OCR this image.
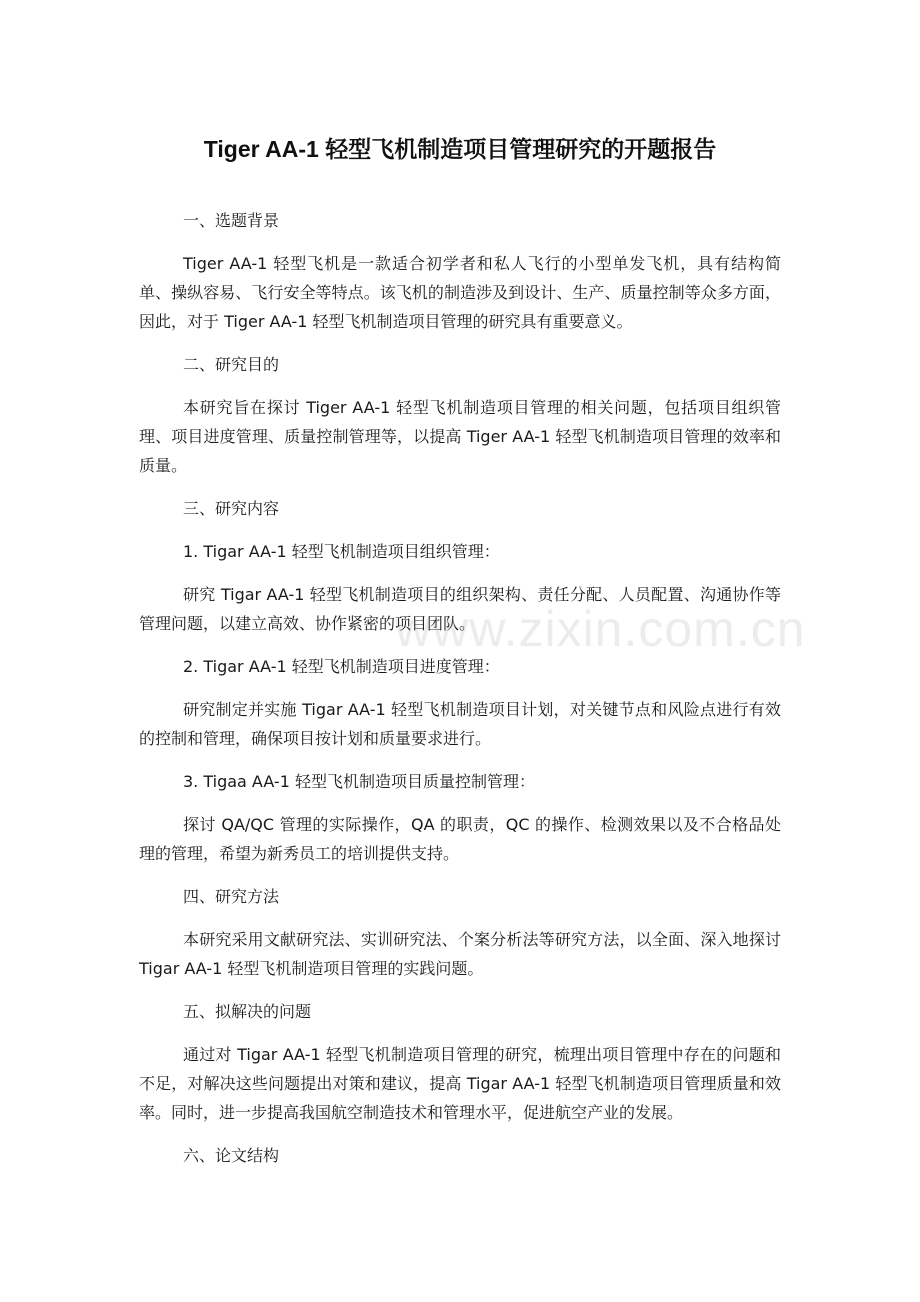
Tiger AA-1 轻型飞机制造项目管理研究的开题报告

一、选题背景

Tiger AA-1 轻型飞机是一款适合初学者和私人飞行的小型单发飞机，具有结构简单、操纵容易、飞行安全等特点。该飞机的制造涉及到设计、生产、质量控制等众多方面，因此，对于 Tiger AA-1 轻型飞机制造项目管理的研究具有重要意义。

二、研究目的

本研究旨在探讨 Tiger AA-1 轻型飞机制造项目管理的相关问题，包括项目组织管理、项目进度管理、质量控制管理等，以提高 Tiger AA-1 轻型飞机制造项目管理的效率和质量。

三、研究内容

1. Tigar AA-1 轻型飞机制造项目组织管理：

研究 Tigar AA-1 轻型飞机制造项目的组织架构、责任分配、人员配置、沟通协作等管理问题，以建立高效、协作紧密的项目团队。

2. Tigar AA-1 轻型飞机制造项目进度管理：

研究制定并实施 Tigar AA-1 轻型飞机制造项目计划，对关键节点和风险点进行有效的控制和管理，确保项目按计划和质量要求进行。

3. Tigaa AA-1 轻型飞机制造项目质量控制管理：

探讨 QA/QC 管理的实际操作，QA 的职责，QC 的操作、检测效果以及不合格品处理的管理，希望为新秀员工的培训提供支持。

四、研究方法

本研究采用文献研究法、实训研究法、个案分析法等研究方法，以全面、深入地探讨 Tigar AA-1 轻型飞机制造项目管理的实践问题。

五、拟解决的问题

通过对 Tigar AA-1 轻型飞机制造项目管理的研究，梳理出项目管理中存在的问题和不足，对解决这些问题提出对策和建议，提高 Tigar AA-1 轻型飞机制造项目管理质量和效率。同时，进一步提高我国航空制造技术和管理水平，促进航空产业的发展。

六、论文结构

www.zixin.com.cn
